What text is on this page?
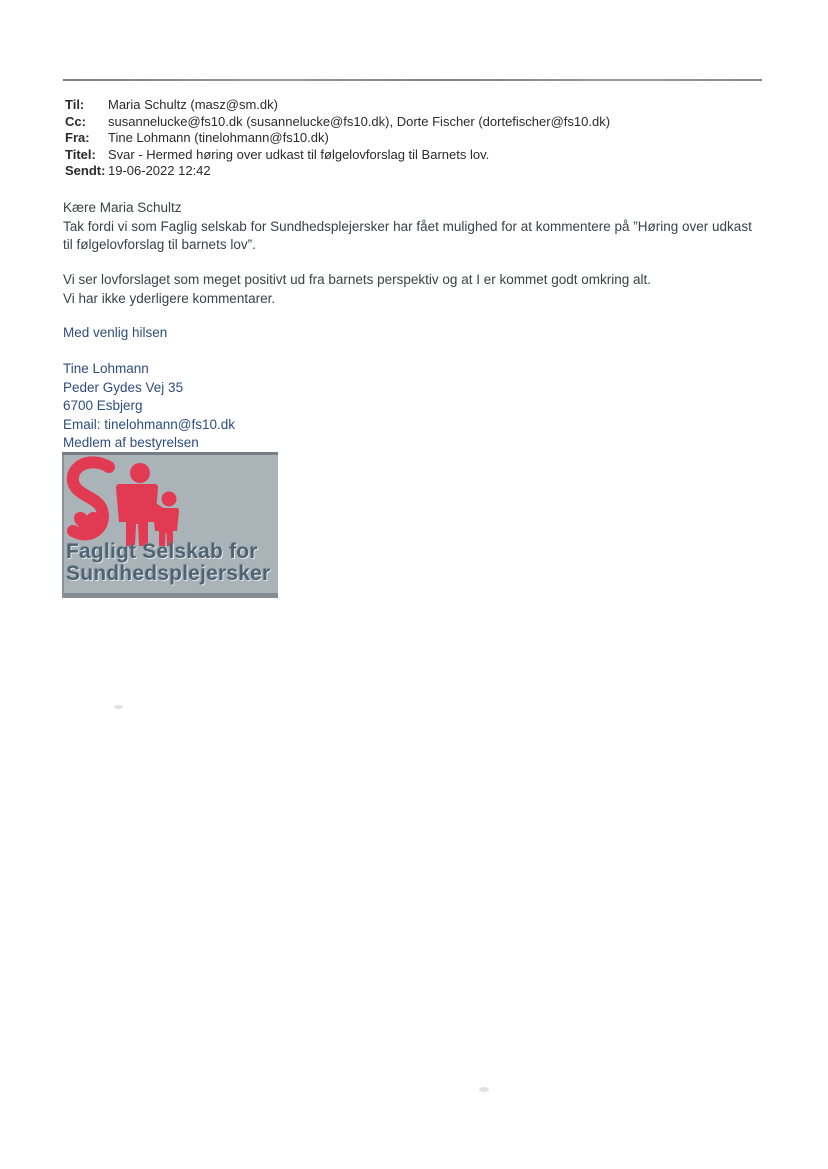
Til:	Maria Schultz (masz@sm.dk)
Cc:	susannelucke@fs10.dk (susannelucke@fs10.dk), Dorte Fischer (dortefischer@fs10.dk)
Fra:	Tine Lohmann (tinelohmann@fs10.dk)
Titel: Svar - Hermed høring over udkast til følgelovforslag til Barnets lov.
Sendt: 19-06-2022 12:42

Kære Maria Schultz

Tak fordi vi som Faglig selskab for Sundhedsplejersker har fået mulighed for at kommentere på ”Høring over udkast til følgelovforslag til barnets lov”.

Vi ser lovforslaget som meget positivt ud fra barnets perspektiv og at I er kommet godt omkring alt.

Vi har ikke yderligere kommentarer.

Med venlig hilsen

Tine Lohmann

Peder Gydes Vej 35

6700 Esbjerg

Email: tinelohmann@fs10.dk

Medlem af bestyrelsen

Fagligt Selskab for
Sundhedsplejersker
